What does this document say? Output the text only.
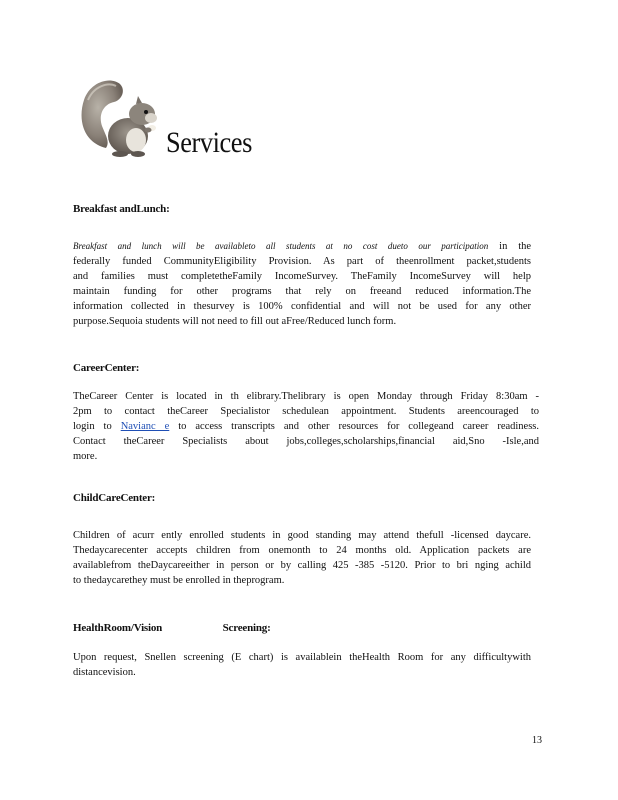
Services
Breakfast andLunch:
Breakfast and lunch will be availableto all students at no cost dueto our participation in the
federally funded CommunityEligibility Provision. As part of theenrollment packet,students
and families must completetheFamily IncomeSurvey. TheFamily IncomeSurvey will help
maintain funding for other programs that rely on freeand reduced information.The
information collected in thesurvey is 100% confidential and will not be used for any other
purpose.Sequoia students will not need to fill out aFree/Reduced lunch form.
CareerCenter:
TheCareer Center is located in th elibrary.Thelibrary is open Monday through Friday 8:30am -
2pm to contact theCareer Specialistor schedulean appointment. Students areencouraged to
login to Navianc e to access transcripts and other resources for collegeand career readiness.
Contact theCareer Specialists about jobs,colleges,scholarships,financial aid,Sno -Isle,and
more.
ChildCareCenter:
Children of acurr ently enrolled students in good standing may attend thefull -licensed daycare.
Thedaycarecenter accepts children from onemonth to 24 months old. Application packets are
availablefrom theDaycareeither in person or by calling 425 -385 -5120. Prior to bri nging achild
to thedaycarethey must be enrolled in theprogram.
HealthRoom/Vision Screening:
Upon request, Snellen screening (E chart) is availablein theHealth Room for any difficultywith
distancevision.
13
